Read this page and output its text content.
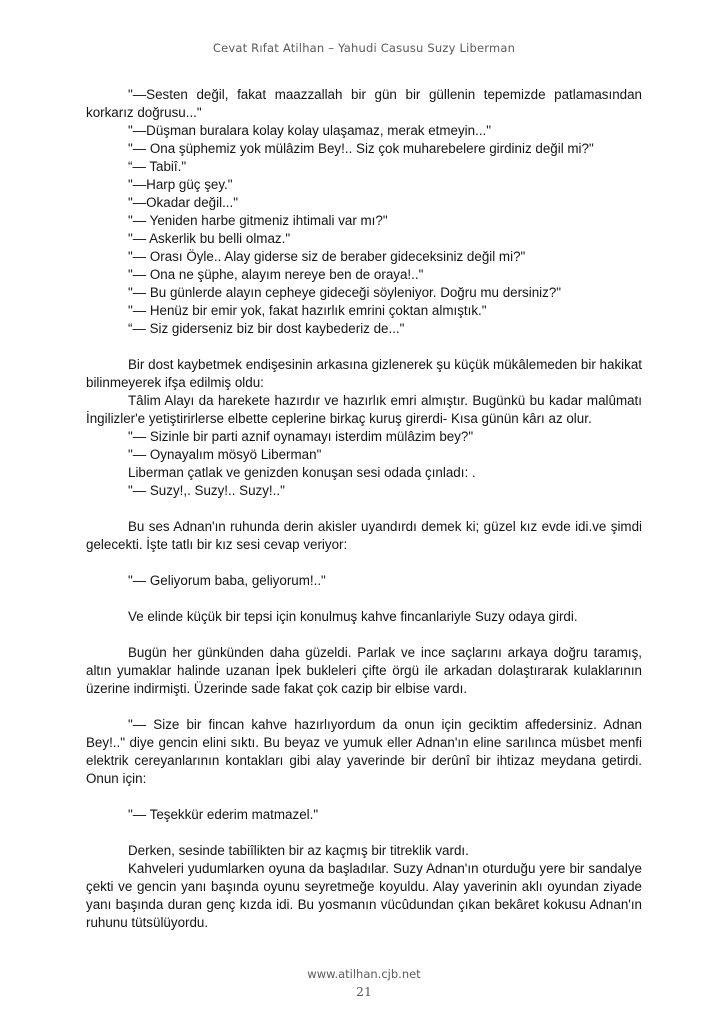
Cevat Rıfat Atilhan – Yahudi Casusu Suzy Liberman

"—Sesten değil, fakat maazzallah bir gün bir güllenin tepemizde patlamasından korkarız doğrusu..."

"—Düşman buralara kolay kolay ulaşamaz, merak etmeyin..."

"— Ona şüphemiz yok mülâzim Bey!.. Siz çok muharebelere girdiniz değil mi?"

“— Tabiî."

"—Harp güç şey."

"—Okadar değil..."

"— Yeniden harbe gitmeniz ihtimali var mı?"

"— Askerlik bu belli olmaz."

"— Orası Öyle.. Alay giderse siz de beraber gideceksiniz değil mi?"

"— Ona ne şüphe, alayım nereye ben de oraya!.."

"— Bu günlerde alayın cepheye gideceği söyleniyor. Doğru mu dersiniz?"

"— Henüz bir emir yok, fakat hazırlık emrini çoktan almıştık."

“— Siz giderseniz biz bir dost kaybederiz de..."

Bir dost kaybetmek endişesinin arkasına gizlenerek şu küçük mükâlemeden bir hakikat bilinmeyerek ifşa edilmiş oldu:

Tâlim Alayı da harekete hazırdır ve hazırlık emri almıştır. Bugünkü bu kadar malûmatı İngilizler'e yetiştirirlerse elbette ceplerine birkaç kuruş girerdi- Kısa günün kârı az olur.

"— Sizinle bir parti aznif oynamayı isterdim mülâzim bey?"

"— Oynayalım mösyö Liberman"

Liberman çatlak ve genizden konuşan sesi odada çınladı: .

"— Suzy!,. Suzy!.. Suzy!.."

Bu ses Adnan'ın ruhunda derin akisler uyandırdı demek ki; güzel kız evde idi.ve şimdi gelecekti. İşte tatlı bir kız sesi cevap veriyor:

"— Geliyorum baba, geliyorum!.."

Ve elinde küçük bir tepsi için konulmuş kahve fincanlariyle Suzy odaya girdi.

Bugün her günkünden daha güzeldi. Parlak ve ince saçlarını arkaya doğru taramış, altın yumaklar halinde uzanan İpek bukleleri çifte örgü ile arkadan dolaştırarak kulaklarının üzerine indirmişti. Üzerinde sade fakat çok cazip bir elbise vardı.

"— Size bir fincan kahve hazırlıyordum da onun için geciktim affedersiniz. Adnan Bey!.." diye gencin elini sıktı. Bu beyaz ve yumuk eller Adnan'ın eline sarılınca müsbet menfi elektrik cereyanlarının kontakları gibi alay yaverinde bir derûnî bir ihtizaz meydana getirdi. Onun için:

"— Teşekkür ederim matmazel."

Derken, sesinde tabiîlikten bir az kaçmış bir titreklik vardı.

Kahveleri yudumlarken oyuna da başladılar. Suzy Adnan'ın oturduğu yere bir sandalye çekti ve gencin yanı başında oyunu seyretmeğe koyuldu. Alay yaverinin aklı oyundan ziyade yanı başında duran genç kızda idi. Bu yosmanın vücûdundan çıkan bekâret kokusu Adnan'ın ruhunu tütsülüyordu.

www.atilhan.cjb.net
21
